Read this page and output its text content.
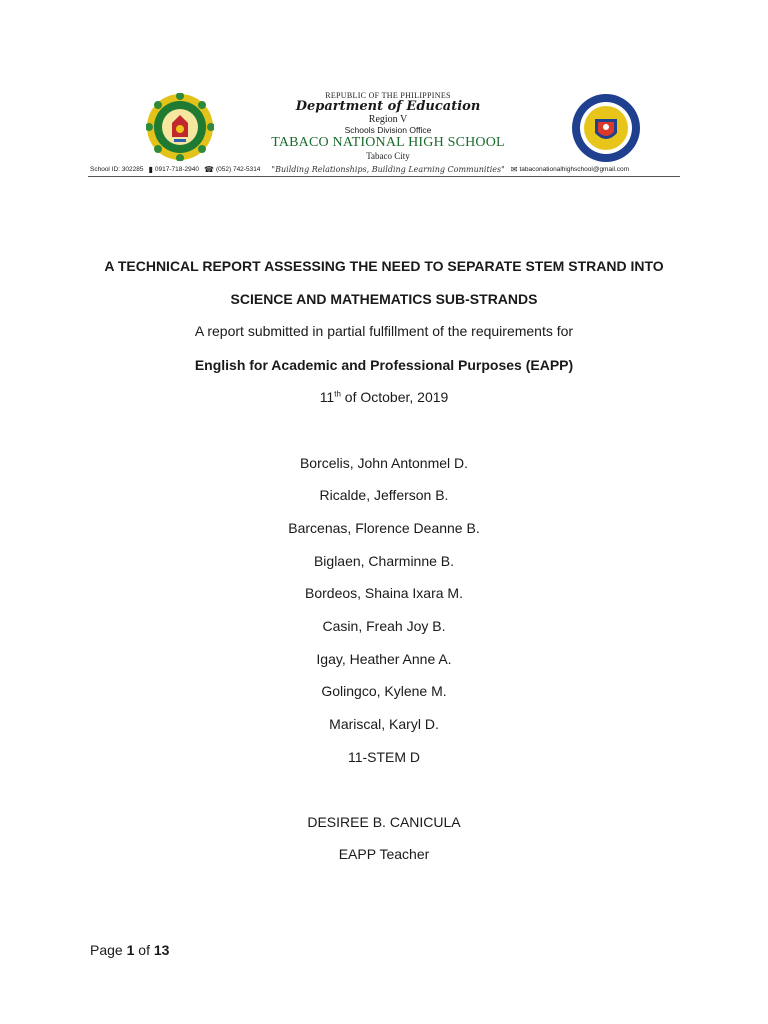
REPUBLIC OF THE PHILIPPINES
Department of Education
Region V
Schools Division Office
TABACO NATIONAL HIGH SCHOOL
Tabaco City
School ID: 302285 ▮ 0917-718-2940 ☎ (052) 742-5314 "Building Relationships, Building Learning Communities" ✉ tabaconationalhighschool@gmail.com
A TECHNICAL REPORT ASSESSING THE NEED TO SEPARATE STEM STRAND INTO
SCIENCE AND MATHEMATICS SUB-STRANDS
A report submitted in partial fulfillment of the requirements for
English for Academic and Professional Purposes (EAPP)
11th of October, 2019
Borcelis, John Antonmel D.
Ricalde, Jefferson B.
Barcenas, Florence Deanne B.
Biglaen, Charminne B.
Bordeos, Shaina Ixara M.
Casin, Freah Joy B.
Igay, Heather Anne A.
Golingco, Kylene M.
Mariscal, Karyl D.
11-STEM D
DESIREE B. CANICULA
EAPP Teacher
Page 1 of 13
